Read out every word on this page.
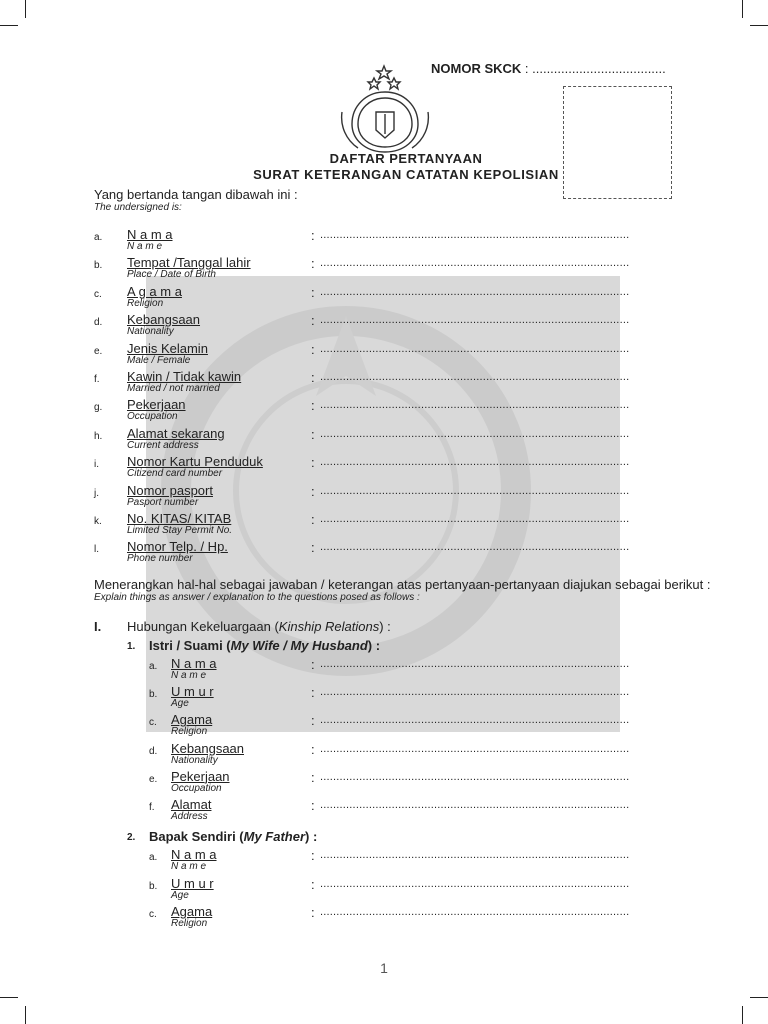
NOMOR SKCK : .....................................
DAFTAR PERTANYAAN
SURAT KETERANGAN CATATAN KEPOLISIAN
Yang bertanda tangan dibawah ini :
The undersigned is:
a. N a m a
N a m e
: ...............................................................................................
b. Tempat /Tanggal lahir
Place / Date of Birth
: ...............................................................................................
c. A g a m a
Religion
: ...............................................................................................
d. Kebangsaan
Nationality
: ...............................................................................................
e. Jenis Kelamin
Male / Female
: ...............................................................................................
f. Kawin / Tidak kawin
Married / not married
: ...............................................................................................
g. Pekerjaan
Occupation
: ...............................................................................................
h. Alamat sekarang
Current address
: ...............................................................................................
i. Nomor Kartu Penduduk
Citizend card number
: ...............................................................................................
j. Nomor pasport
Pasport number
: ...............................................................................................
k. No. KITAS/ KITAB
Limited Stay Permit No.
: ...............................................................................................
l. Nomor Telp. / Hp.
Phone number
: ...............................................................................................
Menerangkan hal-hal sebagai jawaban / keterangan atas pertanyaan-pertanyaan diajukan sebagai berikut :
Explain things as answer / explanation to the questions posed as follows :
I. Hubungan Kekeluargaan (Kinship Relations) :
1. Istri / Suami (My Wife / My Husband) :
a. N a m a
N a m e
: ...............................................................................................
b. U m u r
Age
: ...............................................................................................
c. Agama
Religion
: ...............................................................................................
d. Kebangsaan
Nationality
: ...............................................................................................
e. Pekerjaan
Occupation
: ...............................................................................................
f. Alamat
Address
: ...............................................................................................
2. Bapak Sendiri (My Father) :
a. N a m a
N a m e
: ...............................................................................................
b. U m u r
Age
: ...............................................................................................
c. Agama
Religion
: ...............................................................................................
1
